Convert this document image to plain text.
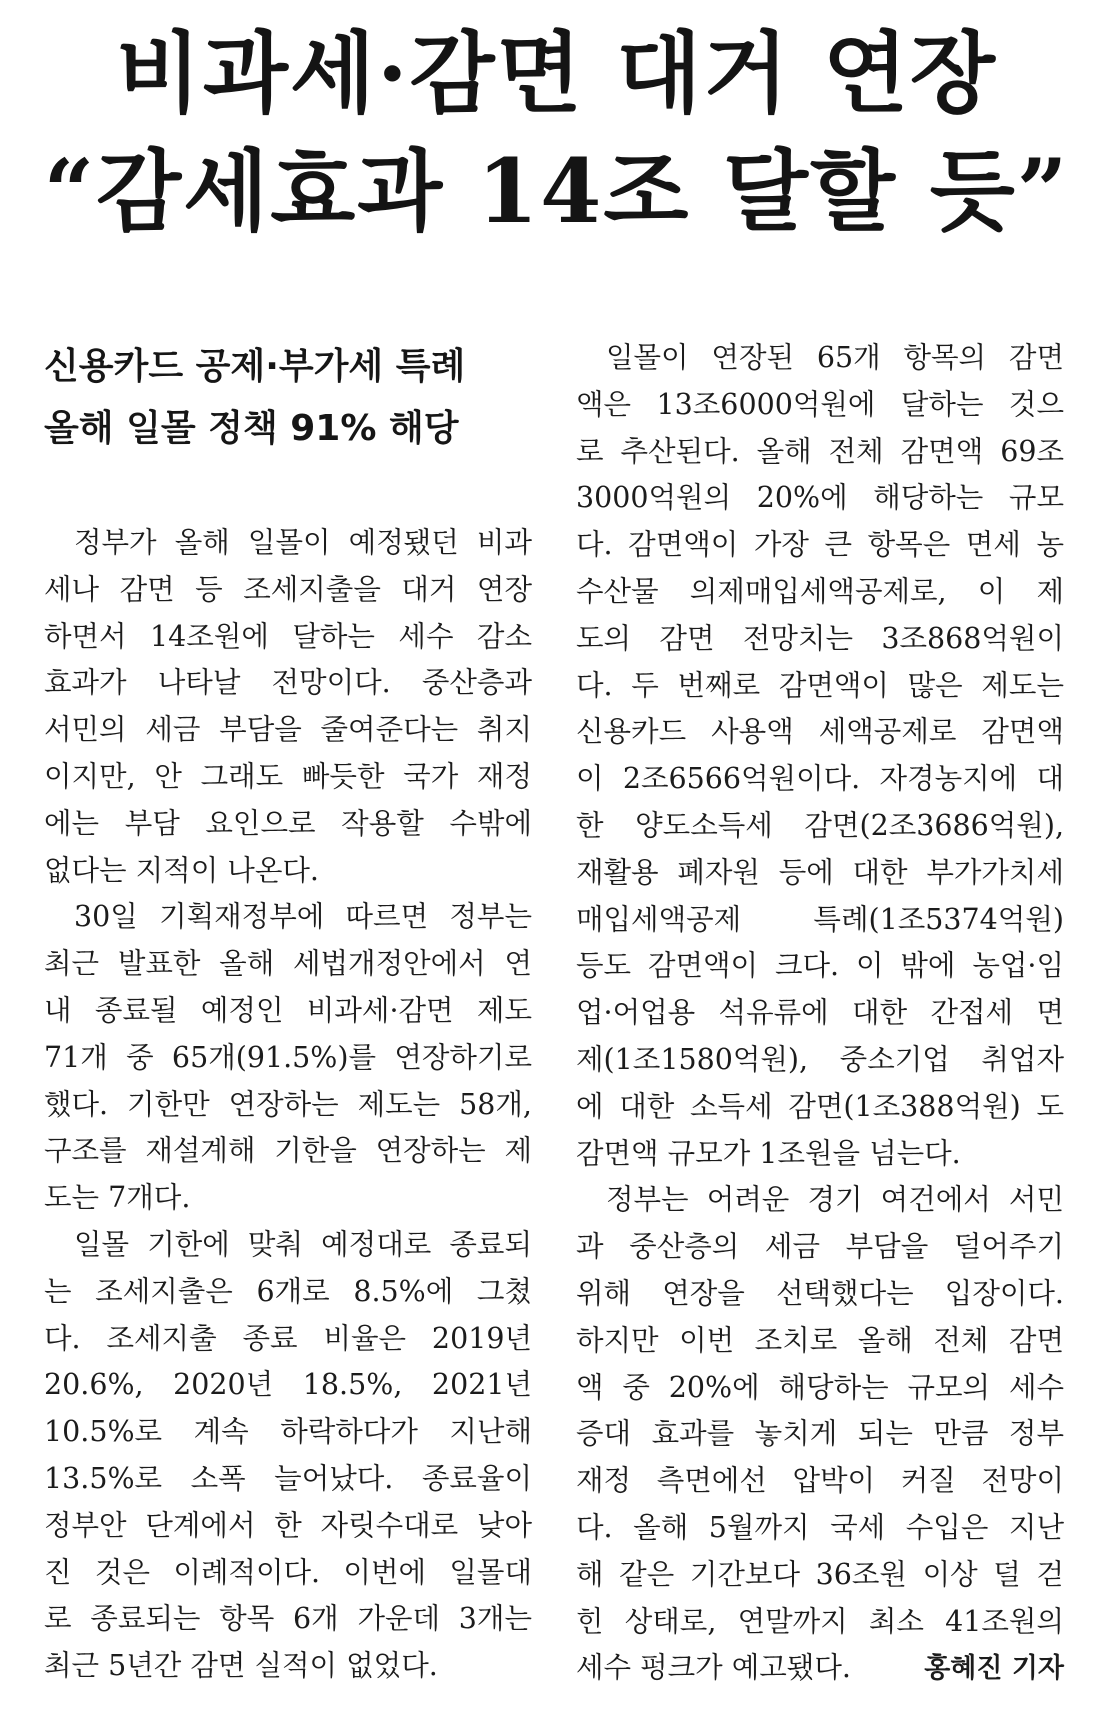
비과세·감면 대거 연장
“감세효과 14조 달할 듯”
신용카드 공제·부가세 특례
올해 일몰 정책 91% 해당
정부가 올해 일몰이 예정됐던 비과
세나 감면 등 조세지출을 대거 연장
하면서 14조원에 달하는 세수 감소
효과가 나타날 전망이다. 중산층과
서민의 세금 부담을 줄여준다는 취지
이지만, 안 그래도 빠듯한 국가 재정
에는 부담 요인으로 작용할 수밖에
없다는 지적이 나온다.
30일 기획재정부에 따르면 정부는
최근 발표한 올해 세법개정안에서 연
내 종료될 예정인 비과세·감면 제도
71개 중 65개(91.5%)를 연장하기로
했다. 기한만 연장하는 제도는 58개,
구조를 재설계해 기한을 연장하는 제
도는 7개다.
일몰 기한에 맞춰 예정대로 종료되
는 조세지출은 6개로 8.5%에 그쳤
다. 조세지출 종료 비율은 2019년
20.6%, 2020년 18.5%, 2021년
10.5%로 계속 하락하다가 지난해
13.5%로 소폭 늘어났다. 종료율이
정부안 단계에서 한 자릿수대로 낮아
진 것은 이례적이다. 이번에 일몰대
로 종료되는 항목 6개 가운데 3개는
최근 5년간 감면 실적이 없었다.
일몰이 연장된 65개 항목의 감면
액은 13조6000억원에 달하는 것으
로 추산된다. 올해 전체 감면액 69조
3000억원의 20%에 해당하는 규모
다. 감면액이 가장 큰 항목은 면세 농
수산물 의제매입세액공제로, 이 제
도의 감면 전망치는 3조868억원이
다. 두 번째로 감면액이 많은 제도는
신용카드 사용액 세액공제로 감면액
이 2조6566억원이다. 자경농지에 대
한 양도소득세 감면(2조3686억원),
재활용 폐자원 등에 대한 부가가치세
매입세액공제 특례(1조5374억원)
등도 감면액이 크다. 이 밖에 농업·임
업·어업용 석유류에 대한 간접세 면
제(1조1580억원), 중소기업 취업자
에 대한 소득세 감면(1조388억원) 도
감면액 규모가 1조원을 넘는다.
정부는 어려운 경기 여건에서 서민
과 중산층의 세금 부담을 덜어주기
위해 연장을 선택했다는 입장이다.
하지만 이번 조치로 올해 전체 감면
액 중 20%에 해당하는 규모의 세수
증대 효과를 놓치게 되는 만큼 정부
재정 측면에선 압박이 커질 전망이
다. 올해 5월까지 국세 수입은 지난
해 같은 기간보다 36조원 이상 덜 걷
힌 상태로, 연말까지 최소 41조원의
세수 펑크가 예고됐다.	홍혜진 기자
